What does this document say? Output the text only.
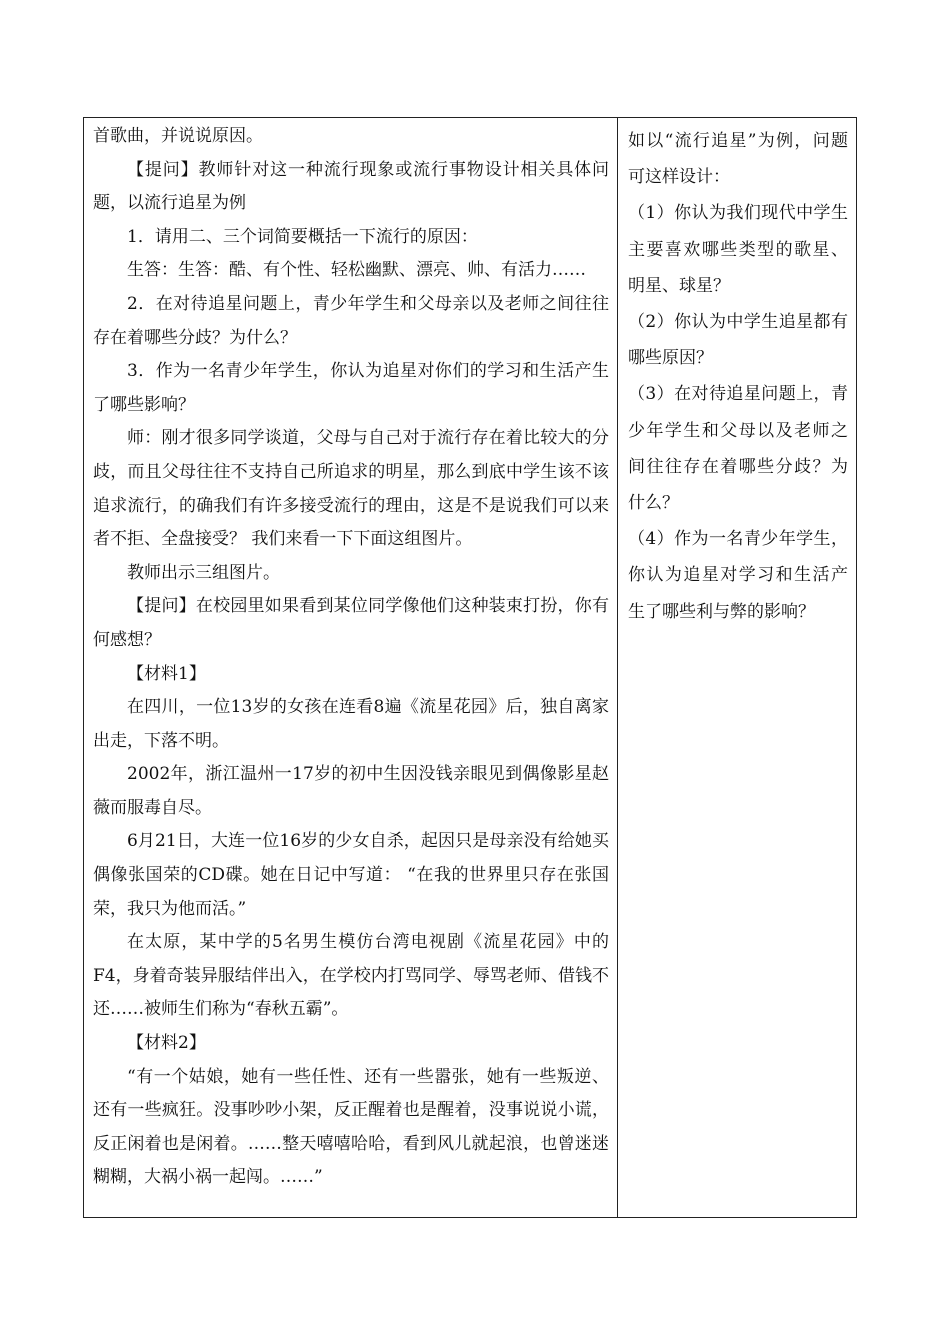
首歌曲，并说说原因。

【提问】教师针对这一种流行现象或流行事物设计相关具体问题，以流行追星为例

1．请用二、三个词简要概括一下流行的原因：

生答：生答：酷、有个性、轻松幽默、漂亮、帅、有活力……

2．在对待追星问题上，青少年学生和父母亲以及老师之间往往存在着哪些分歧？为什么？

3．作为一名青少年学生，你认为追星对你们的学习和生活产生了哪些影响？

师：刚才很多同学谈道，父母与自己对于流行存在着比较大的分歧，而且父母往往不支持自己所追求的明星，那么到底中学生该不该追求流行，的确我们有许多接受流行的理由，这是不是说我们可以来者不拒、全盘接受？ 我们来看一下下面这组图片。

教师出示三组图片。

【提问】在校园里如果看到某位同学像他们这种装束打扮，你有何感想？

【材料1】

在四川，一位13岁的女孩在连看8遍《流星花园》后，独自离家出走，下落不明。

2002年，浙江温州一17岁的初中生因没钱亲眼见到偶像影星赵薇而服毒自尽。

6月21日，大连一位16岁的少女自杀，起因只是母亲没有给她买偶像张国荣的CD碟。她在日记中写道： “在我的世界里只存在张国荣，我只为他而活。”

在太原，某中学的5名男生模仿台湾电视剧《流星花园》中的F4，身着奇装异服结伴出入，在学校内打骂同学、辱骂老师、借钱不还……被师生们称为“春秋五霸”。

【材料2】

“有一个姑娘，她有一些任性、还有一些嚣张，她有一些叛逆、还有一些疯狂。没事吵吵小架，反正醒着也是醒着，没事说说小谎，反正闲着也是闲着。……整天嘻嘻哈哈，看到风儿就起浪，也曾迷迷糊糊，大祸小祸一起闯。……”

如以“流行追星”为例，问题可这样设计：

（1）你认为我们现代中学生主要喜欢哪些类型的歌星、明星、球星？

（2）你认为中学生追星都有哪些原因？

（3）在对待追星问题上，青少年学生和父母以及老师之间往往存在着哪些分歧？为什么？

（4）作为一名青少年学生，你认为追星对学习和生活产生了哪些利与弊的影响？
